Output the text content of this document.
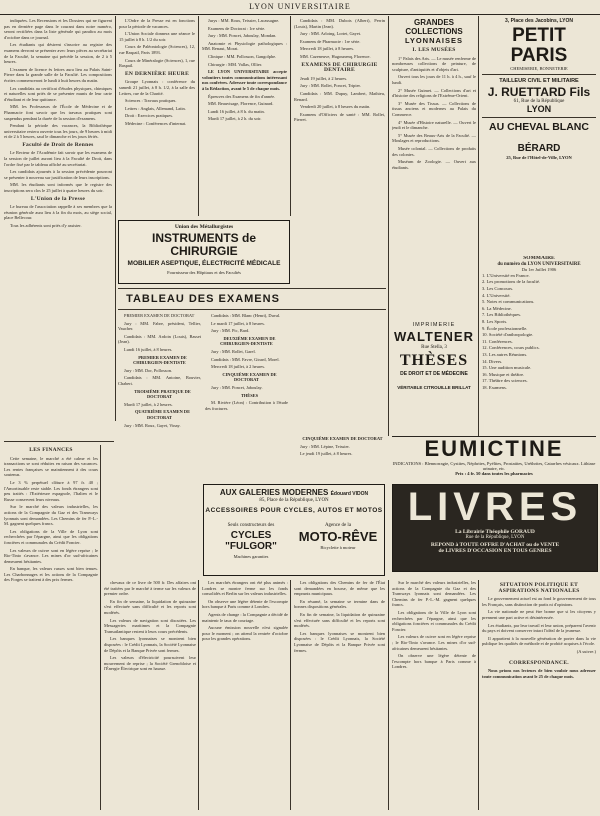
LYON UNIVERSITAIRE

indiquées. Les Recensions et les Dossiers qui ne figurent pas en dernière page dans le courant dans notre numéro, seront rectifiées dans la liste générale qui paraîtra au mois d'octobre dans ce journal.

Les étudiants qui désirent s'inscrire au registre des examens devront se présenter avec leurs pièces au secrétariat de la Faculté, la semaine qui précède la session, de 2 à 5 heures.

L'examen de licence ès lettres aura lieu au Palais Saint-Pierre dans la grande salle de la Faculté. Les compositions écrites commenceront le lundi à huit heures du matin.

Les candidats au certificat d'études physiques, chimiques et naturelles sont priés de se présenter munis de leur carte d'étudiant et de leur quittance.

MM. les Professeurs de l'École de Médecine et de Pharmacie font savoir que les travaux pratiques sont suspendus pendant la durée de la session d'examens.

Pendant la période des vacances, la Bibliothèque universitaire restera ouverte tous les jours, de 9 heures à midi et de 2 à 5 heures, sauf le dimanche et les jours fériés.

Faculté de Droit de Rennes

Le Recteur de l'Académie fait savoir que les examens de la session de juillet auront lieu à la Faculté de Droit, dans l'ordre fixé par le tableau affiché au secrétariat.

Les candidats ajournés à la session précédente pourront se présenter à nouveau sur justification de leurs inscriptions.

MM. les étudiants sont informés que le registre des inscriptions sera clos le 25 juillet à quatre heures du soir.

L'Union de la Presse

Le bureau de l'association rappelle à ses membres que la réunion générale aura lieu à la fin du mois, au siège social, place Bellecour.

Tous les adhérents sont priés d'y assister.

L'Ordre de la Presse est en fonctions pour la période de vacances.

L'Union Sociale donnera une séance le 15 juillet à 8 h. 1/2 du soir.

Cours de Paléontologie (Sciences), 12, rue Raspail, Paris 1893.

Cours de Minéralogie (Sciences), 1, rue Raspail.

EN DERNIÈRE HEURE

Groupe Lyonnais : conférence du samedi 21 juillet, à 8 h. 1/2, à la salle des Lettres, rue de la Charité.

Sciences : Travaux pratiques.

Lettres : Anglais, Allemand, Latin.

Droit : Exercices pratiques.

Médecine : Conférences d'internat.

Jurys : MM. Roux, Teissier, Lacassagne.

Examens de Doctorat : 1re série.

Jury : MM. Poncet, Jaboulay, Mondan.

Anatomie et Physiologie pathologiques : MM. Renaut, Morat.

Clinique : MM. Pollosson, Gangolphe.

Chirurgie : MM. Vallas, Ollier.

LE LYON UNIVERSITAIRE accepte volontiers toutes communications intéressant nos confrères. Adresser toute correspondance à la Rédaction, avant le 5 de chaque mois.

Épreuves des Examens de fin d'année.

MM. Beauvisage, Florence, Guinard.

Lundi 16 juillet, à 8 h. du matin.

Mardi 17 juillet, à 2 h. du soir.

Candidats : MM. Dubois (Albert), Perrin (Louis), Martin (Jean).

Jury : MM. Arloing, Lortet, Gayet.

Examens de Pharmacie : 1re série.

Mercredi 18 juillet, à 8 heures.

MM. Cazeneuve, Hugounenq, Florence.

EXAMENS DE CHIRURGIE DENTAIRE

Jeudi 19 juillet, à 2 heures.

Jury : MM. Rollet, Poncet, Tripier.

Candidats : MM. Dupuy, Lambert, Mathieu, Renard.

Vendredi 20 juillet, à 8 heures du matin.

Examens d'Officiers de santé : MM. Rollet, Pierret.

Union des Métallurgistes
INSTRUMENTS de CHIRURGIE
MOBILIER ASEPTIQUE, ÉLECTRICITÉ MÉDICALE
Fournisseur des Hôpitaux et des Facultés
TABLEAU DES EXAMENS

PREMIER EXAMEN DE DOCTORAT

Jury : MM. Fabre, président, Tellier, Vaucher.

Candidats : MM. Ardoin (Louis), Basset (Jean).

Lundi 16 juillet, à 8 heures.

PREMIER EXAMEN DE CHIRURGIEN-DENTISTE

Jury : MM. Dor, Pollosson.

Candidats : MM. Antoine, Bouvier, Chabert.

TROISIÈME PRATIQUE DE DOCTORAT

Mardi 17 juillet, à 2 heures.

QUATRIÈME EXAMEN DE DOCTORAT

Jury : MM. Roux, Gayet, Vinay.

Candidats : MM. Blanc (Henri), Duval.

Le mardi 17 juillet, à 8 heures.

Jury : MM. Pic, Bard.

DEUXIÈME EXAMEN DE CHIRURGIEN-DENTISTE

Jury : MM. Rollet, Garel.

Candidats : MM. Favre, Girard, Morel.

Mercredi 18 juillet, à 2 heures.

CINQUIÈME EXAMEN DE DOCTORAT

Jury : MM. Poncet, Jaboulay.

THÈSES

M. Rivière (Léon) : Contribution à l'étude des fractures.

CINQUIÈME EXAMEN DE DOCTORAT

Jury : MM. Lépine, Teissier.

Le jeudi 19 juillet, à 8 heures.

AUX GALERIES MODERNES Édouard VIDON
85, Place de la République, LYON
ACCESSOIRES POUR CYCLES, AUTOS ET MOTOS
Seuls constructeurs des
CYCLES "FULGOR"
Machines garanties
Agence de la
MOTO-RÊVE
Bicyclette à moteur
LES FINANCES

Cette semaine, le marché a été calme et les transactions se sont réduites en raison des vacances. Les rentes françaises se maintiennent à des cours soutenus.

Le 3 % perpétuel clôture à 97 fr. 40 ; l'Amortissable reste stable. Les fonds étrangers sont peu traités : l'Extérieure espagnole, l'Italien et le Russe conservent leurs niveaux.

Sur le marché des valeurs industrielles, les actions de la Compagnie du Gaz et des Tramways lyonnais sont demandées. Les Chemins de fer P.-L.-M. gagnent quelques francs.

Les obligations de la Ville de Lyon sont recherchées par l'épargne, ainsi que les obligations foncières et communales du Crédit Foncier.

Les valeurs de cuivre sont en légère reprise ; le Rio-Tinto s'avance. Les mines d'or sud-africaines demeurent hésitantes.

En banque, les valeurs russes sont bien tenues. Les Charbonnages et les actions de la Compagnie des Forges se traitent à des prix fermes.

chevaux de ce livre de 500 fr. Des affaires ont été traitées par le marché à terme sur les valeurs de premier ordre.

En fin de semaine, la liquidation de quinzaine s'est effectuée sans difficulté et les reports sont modérés.

Les valeurs de navigation sont discutées. Les Messageries maritimes et la Compagnie Transatlantique restent à leurs cours précédents.

Les banques lyonnaises se montrent bien disposées : le Crédit Lyonnais, la Société Lyonnaise de Dépôts et la Banque Privée sont fermes.

Les valeurs d'électricité poursuivent leur mouvement de reprise ; la Société Grenobloise et l'Énergie Électrique sont en hausse.

Les marchés étrangers ont été plus animés : Londres se montre ferme sur les fonds consolidés et Berlin sur les valeurs industrielles.

On observe une légère détente de l'escompte hors banque à Paris comme à Londres.

Agents de change : la Compagnie a décidé de maintenir le taux de courtage.

Aucune émission nouvelle n'est signalée pour le moment ; on attend la rentrée d'octobre pour les grandes opérations.

Les obligations des Chemins de fer de l'État sont demandées en bourse, de même que les emprunts municipaux.

En résumé, la semaine se termine dans de bonnes dispositions générales.

En fin de semaine, la liquidation de quinzaine s'est effectuée sans difficulté et les reports sont modérés.

Les banques lyonnaises se montrent bien disposées : le Crédit Lyonnais, la Société Lyonnaise de Dépôts et la Banque Privée sont fermes.

GRANDES COLLECTIONS
LYONNAISES
I. LES MUSÉES

1° Palais des Arts. — Le musée renferme de nombreuses collections de peinture, de sculpture, d'antiquités et d'objets d'art.

Ouvert tous les jours de 11 h. à 4 h., sauf le lundi.

2° Musée Guimet. — Collections d'art et d'histoire des religions de l'Extrême-Orient.

3° Musée des Tissus. — Collections de tissus anciens et modernes au Palais du Commerce.

4° Musée d'Histoire naturelle. — Ouvert le jeudi et le dimanche.

5° Musée des Beaux-Arts de la Faculté. — Moulages et reproductions.

Musée colonial. — Collections de produits des colonies.

Muséum de Zoologie. — Ouvert aux étudiants.

IMPRIMERIE
WALTENER
Rue Stella, 3
THÈSES
DE DROIT ET DE MÉDECINE
VÉRITABLE CITROUILLE BRILLAT
3, Place des Jacobins, LYON
PETIT PARIS
CHEMISERIE, BONNETERIE
TAILLEUR CIVIL ET MILITAIRE
J. RUETTARD Fils
61, Rue de la République
LYON
AU CHEVAL BLANC
BÉRARD
25, Rue de l'Hôtel-de-Ville, LYON
SOMMAIRE
du numéro du LYON UNIVERSITAIRE
Du 1er Juillet 1906
1. L'Université en France.
2. Les promotions de la faculté.
3. Les Concours.
4. L'Université.
5. Notes et communications.
6. La Médecine.
7. Les Bibliothèques.
8. Les Sports.
9. École professionnelle.
10. Société d'anthropologie.
11. Conférences.
12. Conférences, cours publics.
13. Les autres Réunions.
14. Divers.
15. Une audition musicale.
16. Musique et théâtre.
17. Théâtre des sciences.
18. Examens.
EUMICTINE
INDICATIONS : Blennorragie, Cystites, Néphrites, Pyélites, Prostatites, Uréthrites, Catarrhes vésicaux. Lithiase urinaire, etc.
Prix : 4 fr. 50 dans toutes les pharmacies
LIVRES
La Librairie Théophile GORAUD
Rue de la République, LYON
REPOND à TOUTE OFFRE D'ACHAT ou de VENTE
de LIVRES D'OCCASION EN TOUS GENRES
SITUATION POLITIQUE ET ASPIRATIONS NATIONALES

Le gouvernement actuel est au fond le gouvernement de tous les Français, sans distinction de partis ni d'opinions.

La vie nationale ne peut être bonne que si les citoyens y prennent une part active et désintéressée.

Les étudiants, par leur travail et leur union, préparent l'avenir du pays et doivent conserver intact l'idéal de la jeunesse.

Il appartient à la nouvelle génération de porter dans la vie publique les qualités de méthode et de probité acquises à l'école.

(A suivre.)
CORRESPONDANCE.

Nous prions nos lecteurs de bien vouloir nous adresser toute communication avant le 25 de chaque mois.

Sur le marché des valeurs industrielles, les actions de la Compagnie du Gaz et des Tramways lyonnais sont demandées. Les Chemins de fer P.-L.-M. gagnent quelques francs.

Les obligations de la Ville de Lyon sont recherchées par l'épargne, ainsi que les obligations foncières et communales du Crédit Foncier.

Les valeurs de cuivre sont en légère reprise ; le Rio-Tinto s'avance. Les mines d'or sud-africaines demeurent hésitantes.

On observe une légère détente de l'escompte hors banque à Paris comme à Londres.
